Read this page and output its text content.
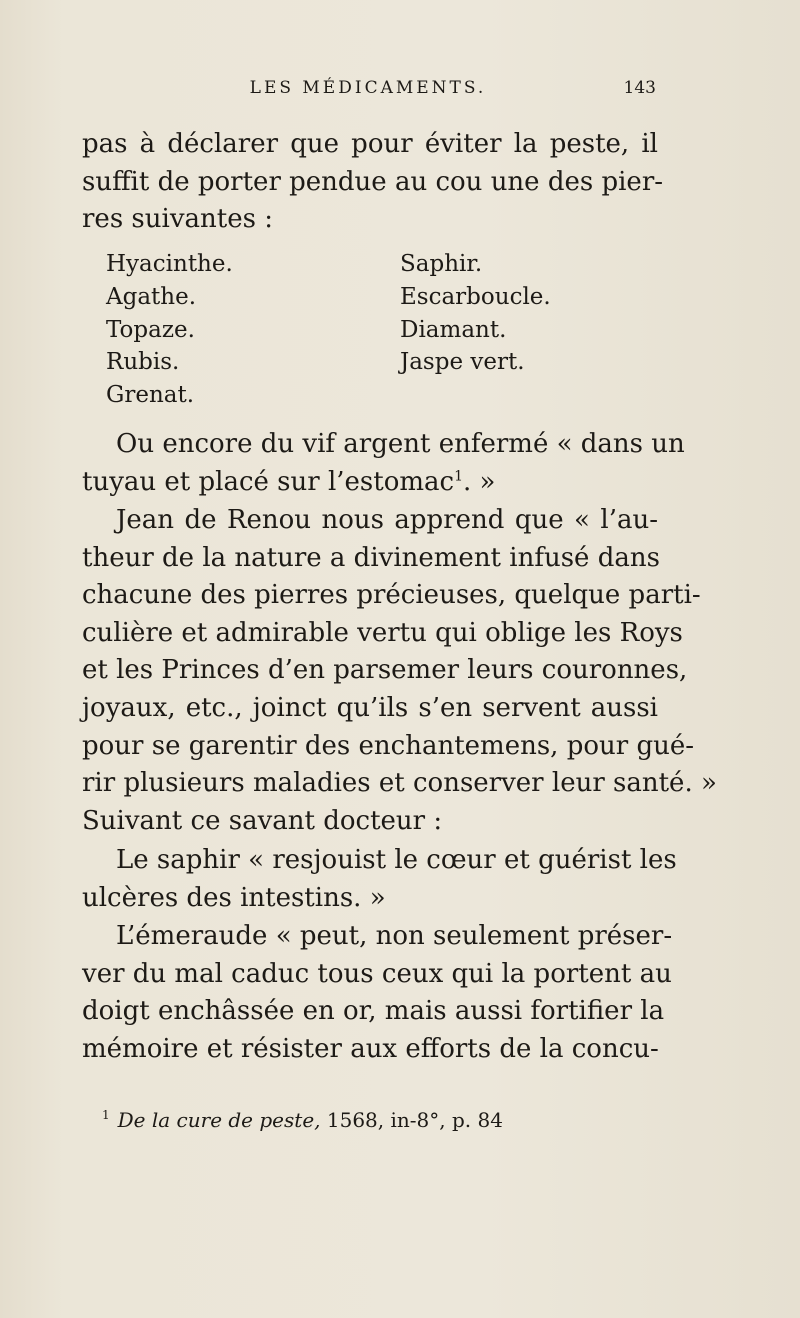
LES MÉDICAMENTS.	143
pas à déclarer que pour éviter la peste, il
suffit de porter pendue au cou une des pier-
res suivantes :
Hyacinthe.
Agathe.
Topaze.
Rubis.
Grenat.
Saphir.
Escarboucle.
Diamant.
Jaspe vert.
Ou encore du vif argent enfermé « dans un
tuyau et placé sur l’estomac$^1$. »
Jean de Renou nous apprend que « l’au-
theur de la nature a divinement infusé dans
chacune des pierres précieuses, quelque parti-
culière et admirable vertu qui oblige les Roys
et les Princes d’en parsemer leurs couronnes,
joyaux, etc., joinct qu’ils s’en servent aussi
pour se garentir des enchantemens, pour gué-
rir plusieurs maladies et conserver leur santé. »
Suivant ce savant docteur :
Le saphir « resjouist le cœur et guérist les
ulcères des intestins. »
L’émeraude « peut, non seulement préser-
ver du mal caduc tous ceux qui la portent au
doigt enchâssée en or, mais aussi fortifier la
mémoire et résister aux efforts de la concu-
$^1$ De la cure de peste, 1568, in-8°, p. 84
